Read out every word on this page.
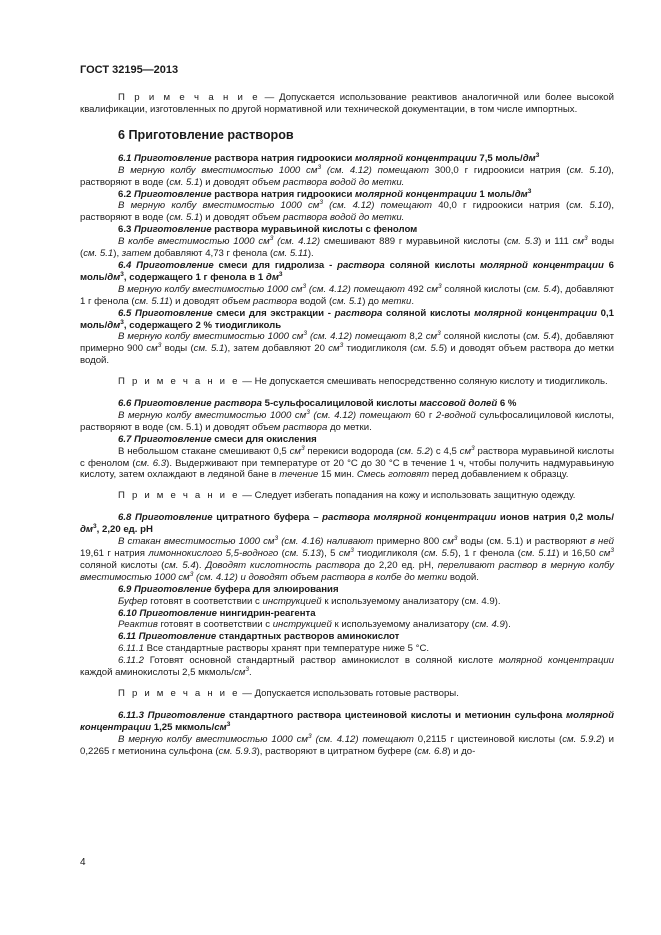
ГОСТ 32195—2013

П р и м е ч а н и е — Допускается использование реактивов аналогичной или более высокой квалификации, изготовленных по другой нормативной или технической документации, в том числе импортных.

6 Приготовление растворов

6.1 Приготовление раствора натрия гидроокиси молярной концентрации 7,5 моль/$дм^3$

В мерную колбу вместимостью 1000 $см^3$ (см. 4.12) помещают 300,0 г гидроокиси натрия (см. 5.10), растворяют в воде (см. 5.1) и доводят объем раствора водой до метки.

6.2 Приготовление раствора натрия гидроокиси молярной концентрации 1 моль/$дм^3$

В мерную колбу вместимостью 1000 $см^3$ (см. 4.12) помещают 40,0 г гидроокиси натрия (см. 5.10), растворяют в воде (см. 5.1) и доводят объем раствора водой до метки.

6.3 Приготовление раствора муравьиной кислоты с фенолом

В колбе вместимостью 1000 $см^3$ (см. 4.12) смешивают 889 г муравьиной кислоты (см. 5.3) и 111 $см^3$ воды (см. 5.1), затем добавляют 4,73 г фенола (см. 5.11).

6.4 Приготовление смеси для гидролиза - раствора соляной кислоты молярной концентрации 6 моль/$дм^3$, содержащего 1 г фенола в 1 $дм^3$

В мерную колбу вместимостью 1000 $см^3$ (см. 4.12) помещают 492 $см^3$ соляной кислоты (см. 5.4), добавляют 1 г фенола (см. 5.11) и доводят объем раствора водой (см. 5.1) до метки.

6.5 Приготовление смеси для экстракции - раствора соляной кислоты молярной концентрации 0,1 моль/$дм^3$, содержащего 2 % тиодигликоль

В мерную колбу вместимостью 1000 $см^3$ (см. 4.12) помещают 8,2 $см^3$ соляной кислоты (см. 5.4), добавляют примерно 900 $см^3$ воды (см. 5.1), затем добавляют 20 $см^3$ тиодигликоля (см. 5.5) и доводят объем раствора до метки водой.

П р и м е ч а н и е — Не допускается смешивать непосредственно соляную кислоту и тиодигликоль.

6.6 Приготовление раствора 5-сульфосалициловой кислоты массовой долей 6 %

В мерную колбу вместимостью 1000 $см^3$ (см. 4.12) помещают 60 г 2-водной сульфосалициловой кислоты, растворяют в воде (см. 5.1) и доводят объем раствора до метки.

6.7 Приготовление смеси для окисления

В небольшом стакане смешивают 0,5 $см^3$ перекиси водорода (см. 5.2) с 4,5 $см^3$ раствора муравьиной кислоты с фенолом (см. 6.3). Выдерживают при температуре от 20 °C до 30 °C в течение 1 ч, чтобы получить надмуравьиную кислоту, затем охлаждают в ледяной бане в течение 15 мин. Смесь готовят перед добавлением к образцу.

П р и м е ч а н и е — Следует избегать попадания на кожу и использовать защитную одежду.

6.8 Приготовление цитратного буфера – раствора молярной концентрации ионов натрия 0,2 моль/$дм^3$, 2,20 ед. pH

В стакан вместимостью 1000 $см^3$ (см. 4.16) наливают примерно 800 $см^3$ воды (см. 5.1) и растворяют в ней 19,61 г натрия лимоннокислого 5,5-водного (см. 5.13), 5 $см^3$ тиодигликоля (см. 5.5), 1 г фенола (см. 5.11) и 16,50 $см^3$ соляной кислоты (см. 5.4). Доводят кислотность раствора до 2,20 ед. pH, переливают раствор в мерную колбу вместимостью 1000 $см^3$ (см. 4.12) и доводят объем раствора в колбе до метки водой.

6.9 Приготовление буфера для элюирования

Буфер готовят в соответствии с инструкцией к используемому анализатору (см. 4.9).

6.10 Приготовление нингидрин-реагента

Реактив готовят в соответствии с инструкцией к используемому анализатору (см. 4.9).

6.11 Приготовление стандартных растворов аминокислот

6.11.1 Все стандартные растворы хранят при температуре ниже 5 °C.

6.11.2 Готовят основной стандартный раствор аминокислот в соляной кислоте молярной концентрации каждой аминокислоты 2,5 мкмоль/$см^3$.

П р и м е ч а н и е — Допускается использовать готовые растворы.

6.11.3 Приготовление стандартного раствора цистеиновой кислоты и метионин сульфона молярной концентрации 1,25 мкмоль/$см^3$

В мерную колбу вместимостью 1000 $см^3$ (см. 4.12) помещают 0,2115 г цистеиновой кислоты (см. 5.9.2) и 0,2265 г метионина сульфона (см. 5.9.3), растворяют в цитратном буфере (см. 6.8) и до-

4
